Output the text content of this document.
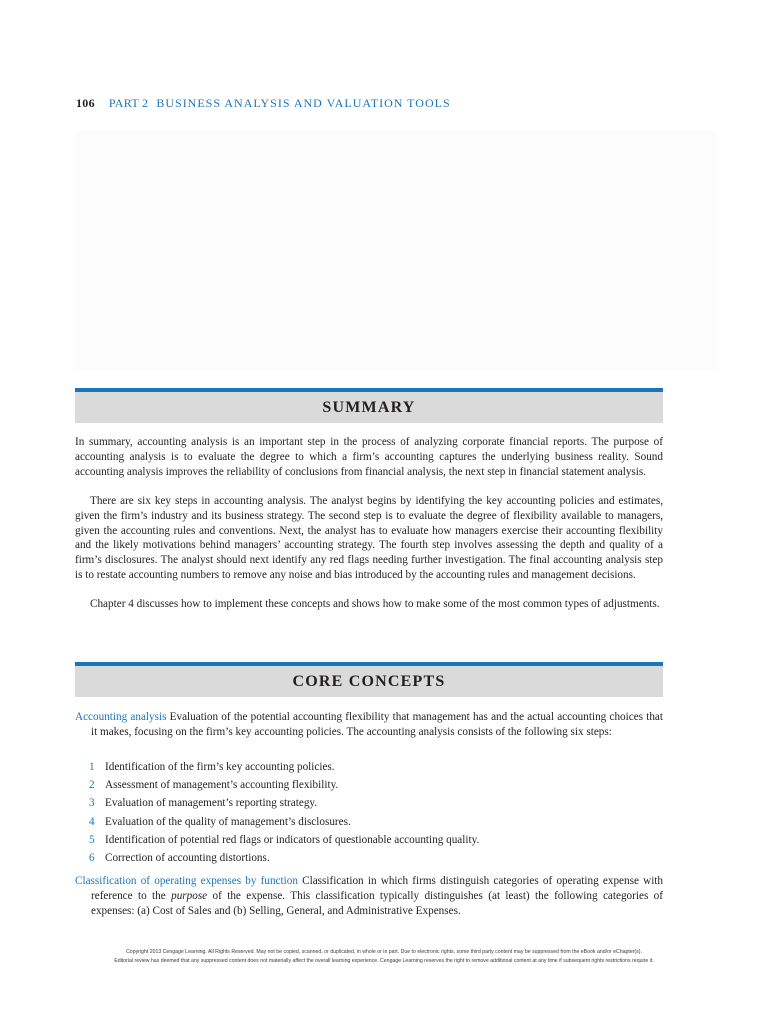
106 PART 2 BUSINESS ANALYSIS AND VALUATION TOOLS
SUMMARY

In summary, accounting analysis is an important step in the process of analyzing corporate financial reports. The purpose of accounting analysis is to evaluate the degree to which a firm’s accounting captures the underlying business reality. Sound accounting analysis improves the reliability of conclusions from financial analysis, the next step in financial statement analysis.

There are six key steps in accounting analysis. The analyst begins by identifying the key accounting policies and estimates, given the firm’s industry and its business strategy. The second step is to evaluate the degree of flexibility available to managers, given the accounting rules and conventions. Next, the analyst has to evaluate how managers exercise their accounting flexibility and the likely motivations behind managers’ accounting strategy. The fourth step involves assessing the depth and quality of a firm’s disclosures. The analyst should next identify any red flags needing further investigation. The final accounting analysis step is to restate accounting numbers to remove any noise and bias introduced by the accounting rules and management decisions.

Chapter 4 discusses how to implement these concepts and shows how to make some of the most common types of adjustments.

CORE CONCEPTS

Accounting analysis Evaluation of the potential accounting flexibility that management has and the actual accounting choices that it makes, focusing on the firm’s key accounting policies. The accounting analysis consists of the following six steps:

1 Identification of the firm’s key accounting policies.
2 Assessment of management’s accounting flexibility.
3 Evaluation of management’s reporting strategy.
4 Evaluation of the quality of management’s disclosures.
5 Identification of potential red flags or indicators of questionable accounting quality.
6 Correction of accounting distortions.

Classification of operating expenses by function Classification in which firms distinguish categories of operating expense with reference to the purpose of the expense. This classification typically distinguishes (at least) the following categories of expenses: (a) Cost of Sales and (b) Selling, General, and Administrative Expenses.

Copyright 2013 Cengage Learning. All Rights Reserved. May not be copied, scanned, or duplicated, in whole or in part. Due to electronic rights, some third party content may be suppressed from the eBook and/or eChapter(s).
Editorial review has deemed that any suppressed content does not materially affect the overall learning experience. Cengage Learning reserves the right to remove additional content at any time if subsequent rights restrictions require it.
